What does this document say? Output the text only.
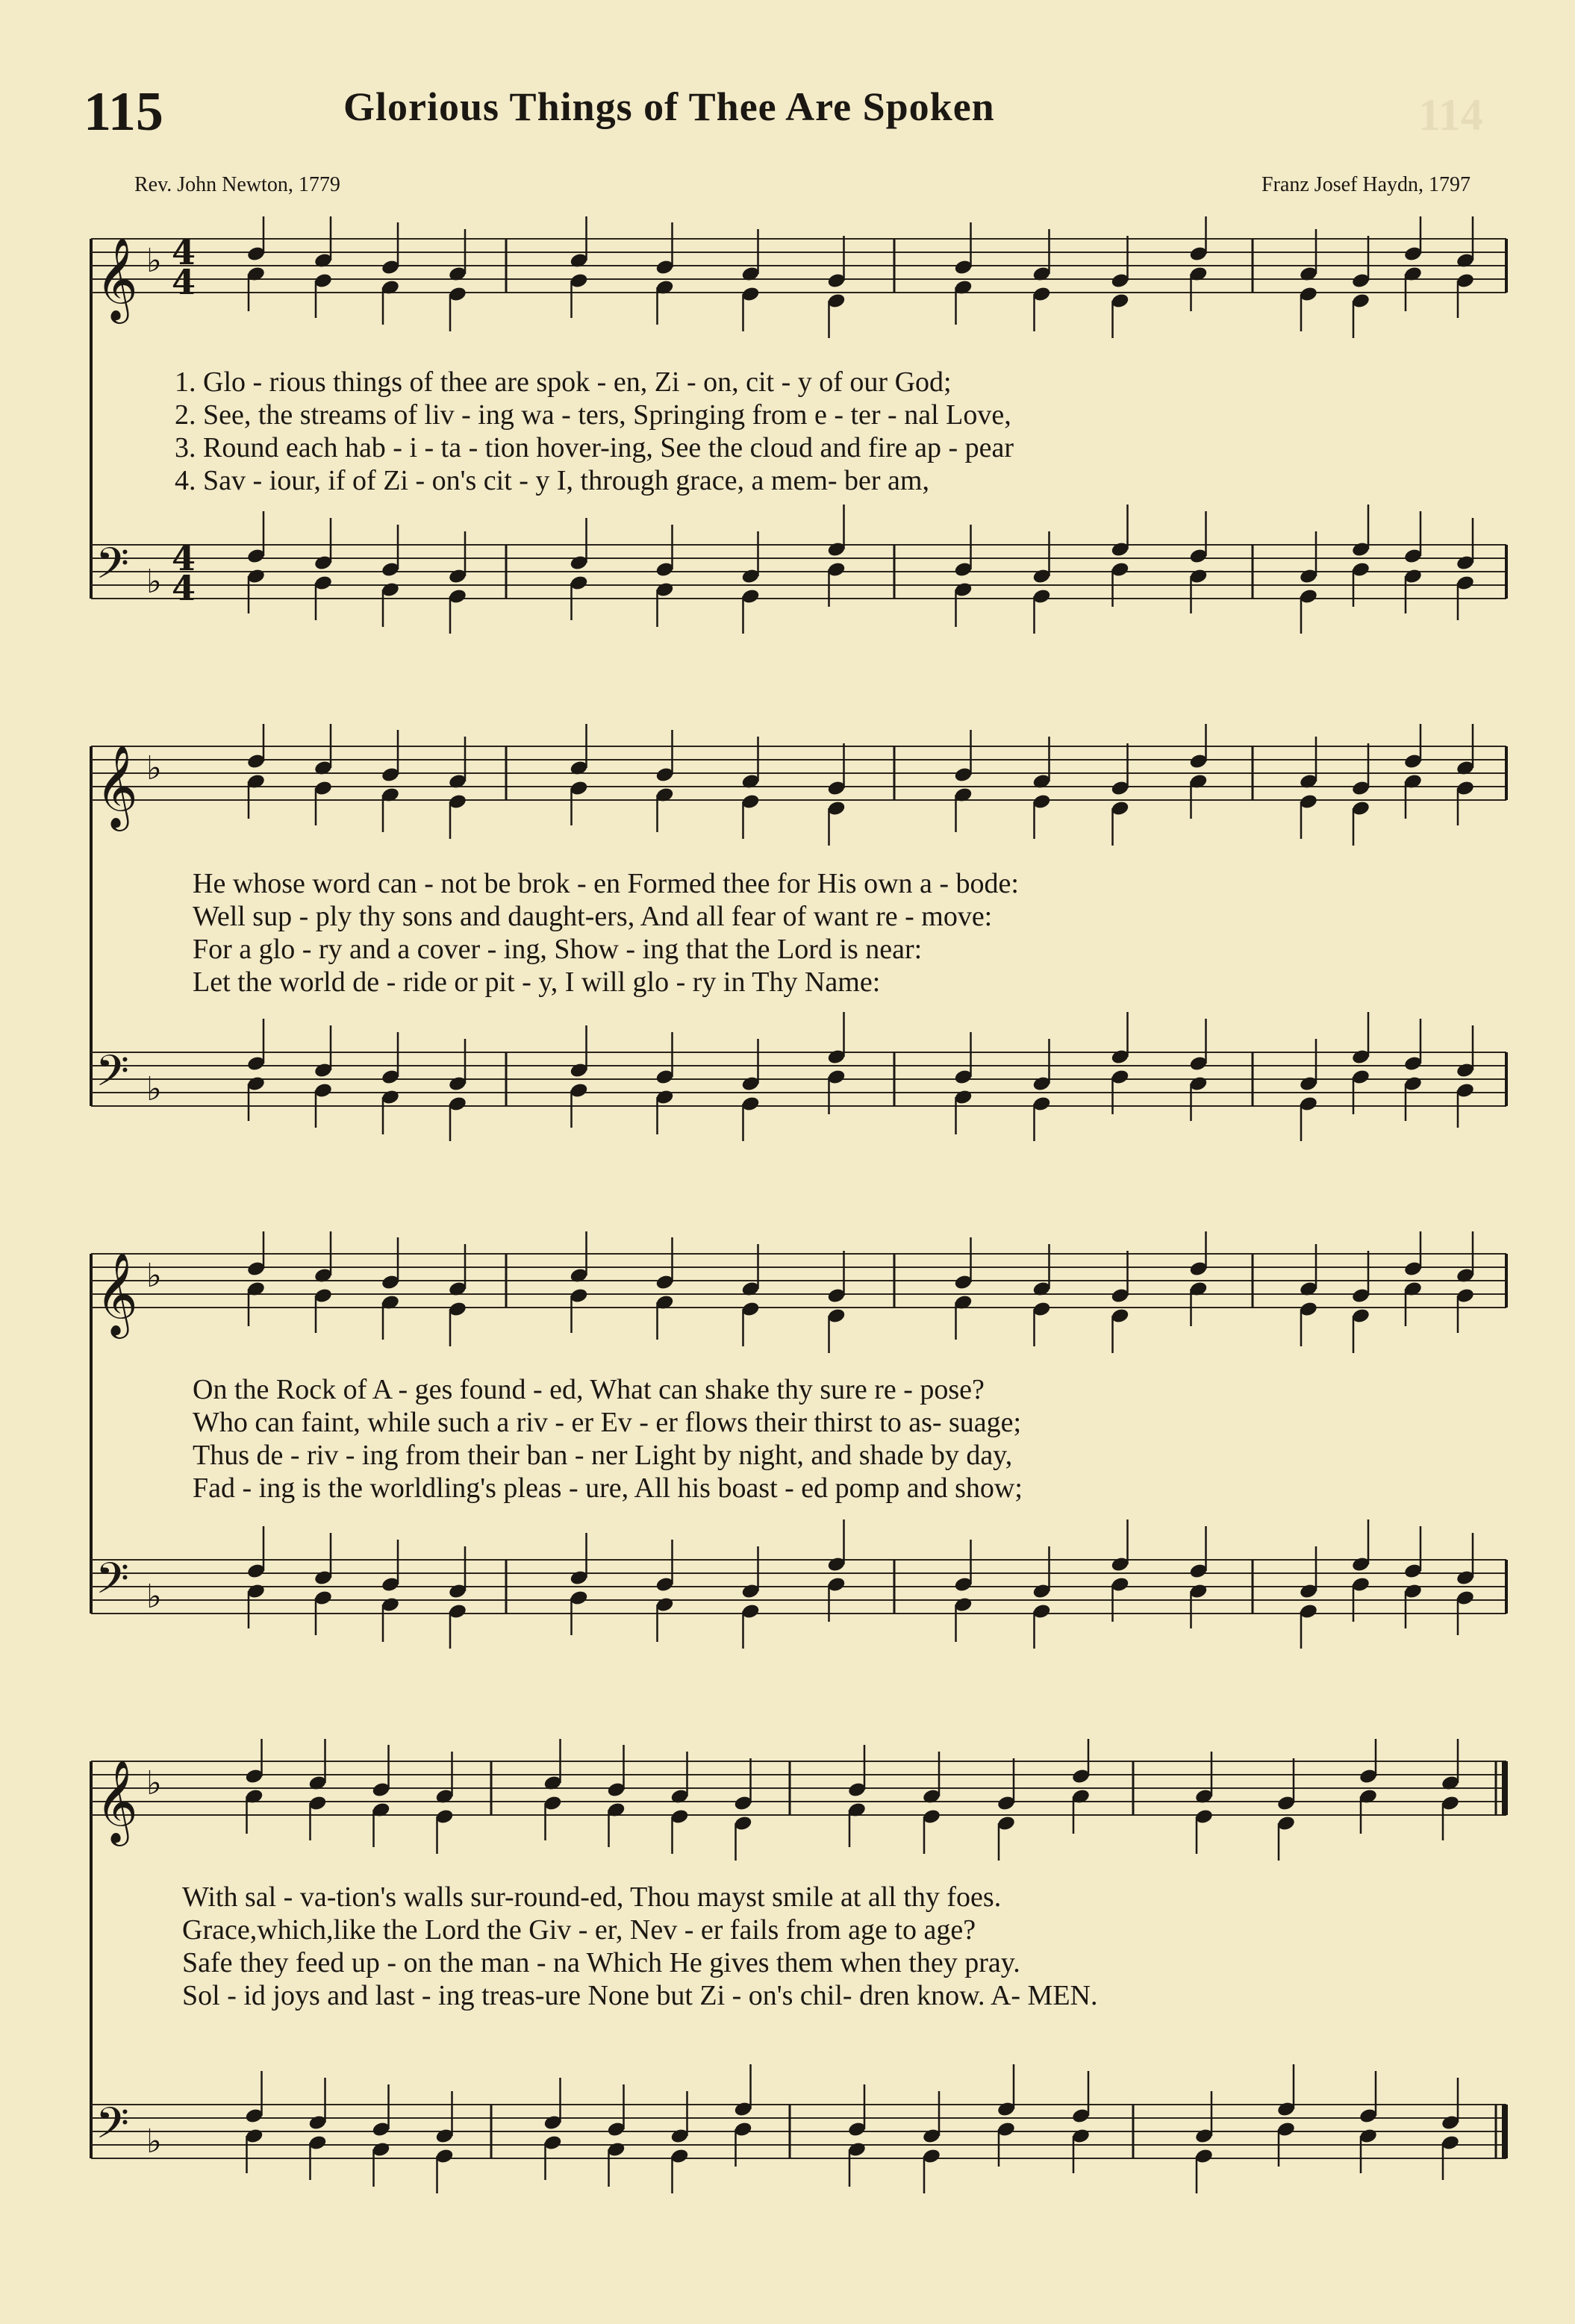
115	Glorious Things of Thee Are Spoken	114
Rev. John Newton, 1779	Franz Josef Haydn, 1797
𝄞 ♭ 4
4
𝄢 ♭
4
4
1. Glo - rious things of thee are spok - en, Zi - on, cit - y of our God;
2. See, the streams of liv - ing wa - ters, Springing from e - ter - nal Love,
3. Round each hab - i - ta - tion hover-ing, See the cloud and fire ap - pear
4. Sav - iour, if of Zi - on's cit - y I, through grace, a mem- ber am,
𝄞 ♭
𝄢 ♭
He whose word can - not be brok - en Formed thee for His own a - bode:
Well sup - ply thy sons and daught-ers, And all fear of want re - move:
For a glo - ry and a cover - ing, Show - ing that the Lord is near:
Let the world de - ride or pit - y, I will glo - ry in Thy Name:
𝄞 ♭
𝄢 ♭
On the Rock of A - ges found - ed, What can shake thy sure re - pose?
Who can faint, while such a riv - er Ev - er flows their thirst to as- suage;
Thus de - riv - ing from their ban - ner Light by night, and shade by day,
Fad - ing is the worldling's pleas - ure, All his boast - ed pomp and show;
𝄞 ♭
𝄢 ♭
With sal - va-tion's walls sur-round-ed, Thou mayst smile at all thy foes.
Grace,which,like the Lord the Giv - er, Nev - er fails from age to age?
Safe they feed up - on the man - na Which He gives them when they pray.
Sol - id joys and last - ing treas-ure None but Zi - on's chil- dren know. A- MEN.
